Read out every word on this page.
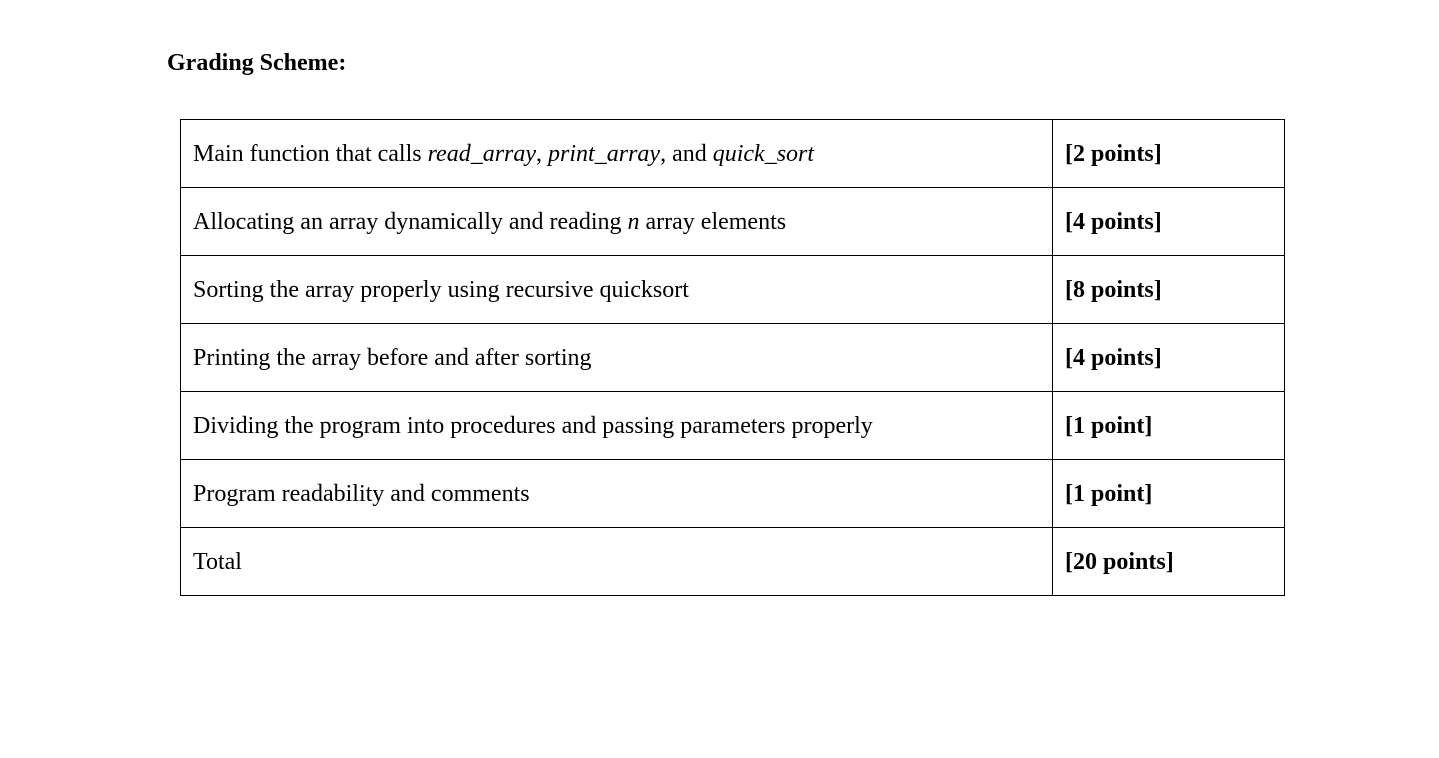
Grading Scheme:
Main function that calls read_array, print_array, and quick_sort	[2 points]
Allocating an array dynamically and reading n array elements	[4 points]
Sorting the array properly using recursive quicksort	[8 points]
Printing the array before and after sorting	[4 points]
Dividing the program into procedures and passing parameters properly	[1 point]
Program readability and comments	[1 point]
Total	[20 points]
